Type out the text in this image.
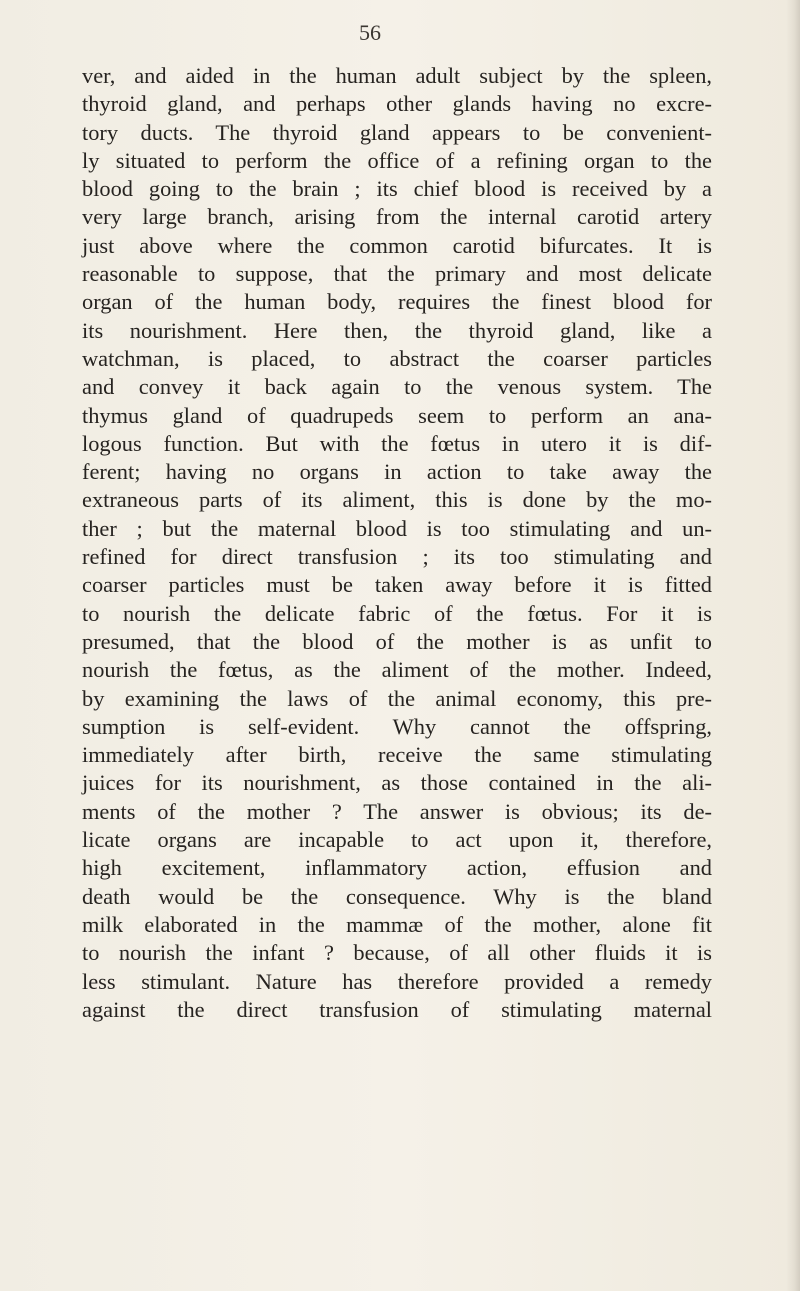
56
ver, and aided in the human adult subject by the spleen,
thyroid gland, and perhaps other glands having no excre-
tory ducts. The thyroid gland appears to be convenient-
ly situated to perform the office of a refining organ to the
blood going to the brain ; its chief blood is received by a
very large branch, arising from the internal carotid artery
just above where the common carotid bifurcates. It is
reasonable to suppose, that the primary and most delicate
organ of the human body, requires the finest blood for
its nourishment. Here then, the thyroid gland, like a
watchman, is placed, to abstract the coarser particles
and convey it back again to the venous system. The
thymus gland of quadrupeds seem to perform an ana-
logous function. But with the fœtus in utero it is dif-
ferent; having no organs in action to take away the
extraneous parts of its aliment, this is done by the mo-
ther ; but the maternal blood is too stimulating and un-
refined for direct transfusion ; its too stimulating and
coarser particles must be taken away before it is fitted
to nourish the delicate fabric of the fœtus. For it is
presumed, that the blood of the mother is as unfit to
nourish the fœtus, as the aliment of the mother. Indeed,
by examining the laws of the animal economy, this pre-
sumption is self-evident. Why cannot the offspring,
immediately after birth, receive the same stimulating
juices for its nourishment, as those contained in the ali-
ments of the mother ? The answer is obvious; its de-
licate organs are incapable to act upon it, therefore,
high excitement, inflammatory action, effusion and
death would be the consequence. Why is the bland
milk elaborated in the mammæ of the mother, alone fit
to nourish the infant ? because, of all other fluids it is
less stimulant. Nature has therefore provided a remedy
against the direct transfusion of stimulating maternal
